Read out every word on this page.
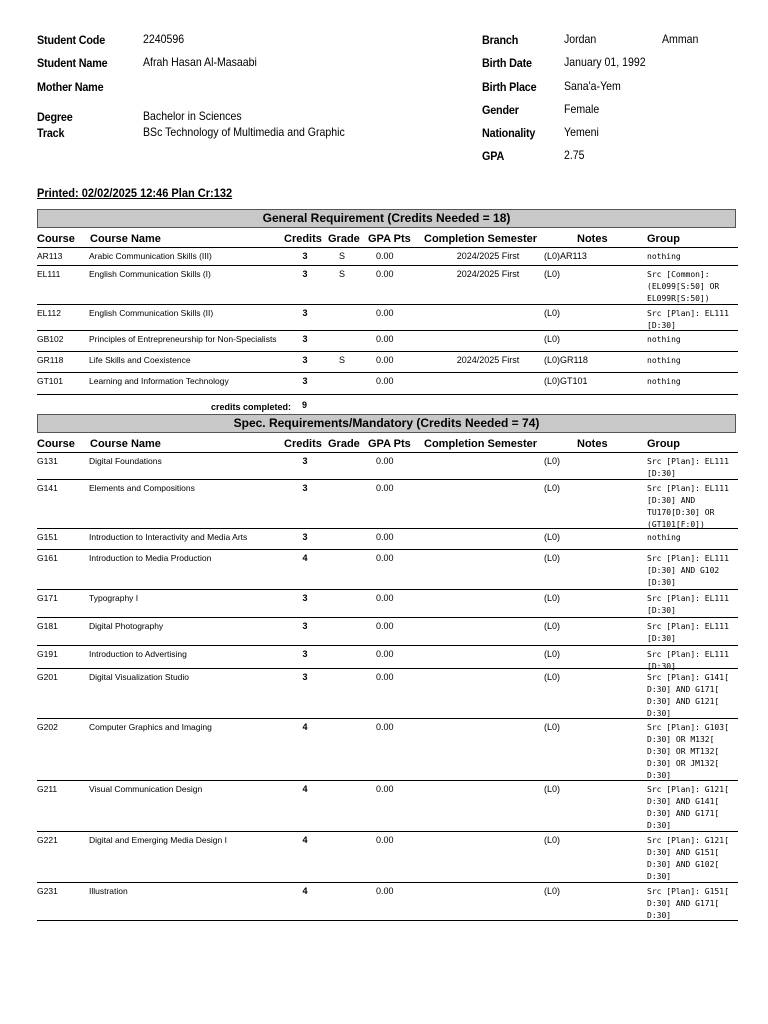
Student Code	2240596
Student Name	Afrah Hasan Al-Masaabi
Mother Name
Degree	Bachelor in Sciences
Track	BSc Technology of Multimedia and Graphic
Branch	Jordan	Amman
Birth Date	January 01, 1992
Birth Place Sana'a-Yem
Gender	Female
Nationality Yemeni
GPA	2.75
Printed: 02/02/2025 12:46 Plan Cr:132
General Requirement (Credits Needed = 18)
Course Course Name	Credits Grade GPA Pts Completion Semester	Notes	Group
AR113	Arabic Communication Skills (III)	3	S	0.00	2024/2025 First	(L0)AR113	nothing
EL111	English Communication Skills (I)	3	S	0.00	2024/2025 First	(L0)	Src [Common]:
(EL099[S:50] OR
EL099R[S:50])
EL112	English Communication Skills (II)	3	0.00	(L0)	Src [Plan]: EL111
[D:30]
GB102	Principles of Entrepreneurship for Non-Specialists	3	0.00	(L0)	nothing
GR118	Life Skills and Coexistence	3	S	0.00	2024/2025 First	(L0)GR118	nothing
GT101	Learning and Information Technology	3	0.00	(L0)GT101	nothing
credits completed: 9
Spec. Requirements/Mandatory (Credits Needed = 74)
Course Course Name	Credits Grade GPA Pts Completion Semester	Notes	Group
G131	Digital Foundations	3	0.00	(L0)	Src [Plan]: EL111
[D:30]
G141	Elements and Compositions	3	0.00	(L0)	Src [Plan]: EL111
[D:30] AND
TU170[D:30] OR
(GT101[F:0])
G151	Introduction to Interactivity and Media Arts	3	0.00	(L0)	nothing
G161	Introduction to Media Production	4	0.00	(L0)	Src [Plan]: EL111
[D:30] AND G102
[D:30]
G171	Typography I	3	0.00	(L0)	Src [Plan]: EL111
[D:30]
G181	Digital Photography	3	0.00	(L0)	Src [Plan]: EL111
[D:30]
G191	Introduction to Advertising	3	0.00	(L0)	Src [Plan]: EL111
[D:30]
G201	Digital Visualization Studio	3	0.00	(L0)	Src [Plan]: G141[
D:30] AND G171[
D:30] AND G121[
D:30]
G202	Computer Graphics and Imaging	4	0.00	(L0)	Src [Plan]: G103[
D:30] OR M132[
D:30] OR MT132[
D:30] OR JM132[
D:30]
G211	Visual Communication Design	4	0.00	(L0)	Src [Plan]: G121[
D:30] AND G141[
D:30] AND G171[
D:30]
G221	Digital and Emerging Media Design I	4	0.00	(L0)	Src [Plan]: G121[
D:30] AND G151[
D:30] AND G102[
D:30]
G231	Illustration	4	0.00	(L0)	Src [Plan]: G151[
D:30] AND G171[
D:30]
